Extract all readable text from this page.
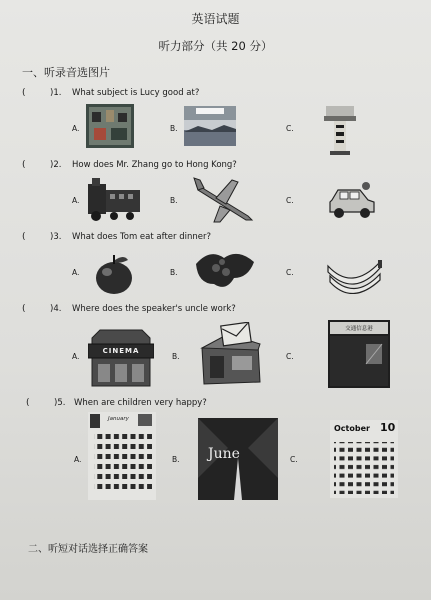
英语试题
听力部分（共 20 分）
一、听录音选图片
(	)1. What subject is Lucy good at?
A.	B.	C.
(	)2. How does Mr. Zhang go to Hong Kong?
A.	B.	C.
(	)3. What does Tom eat after dinner?
A.	B.	C.
(	)4. Where does the speaker's uncle work?
A.	B.	C.
CINEMA
交通信息港
(	)5. When are children very happy?
A.	B.	C.
January
June
October 10
二、听短对话选择正确答案
